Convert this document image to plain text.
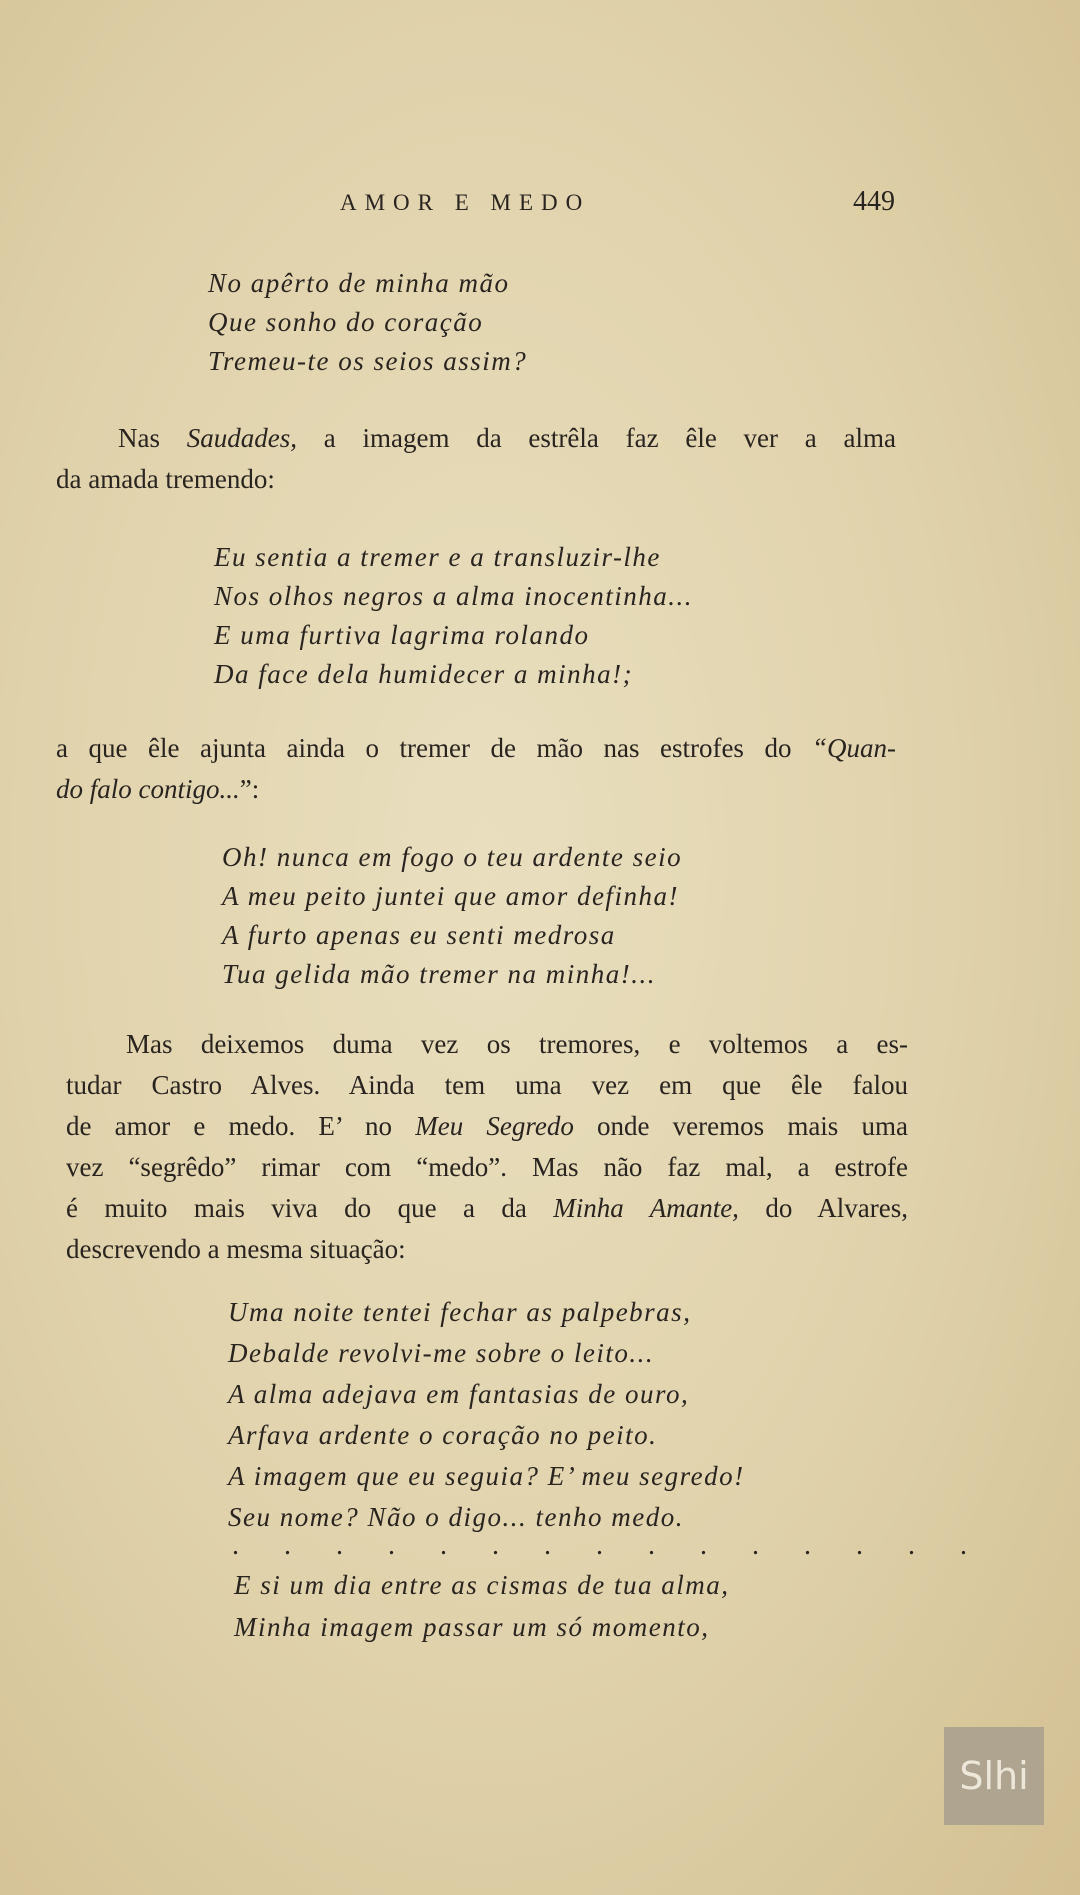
AMOR E MEDO	449
No apêrto de minha mão
Que sonho do coração
Tremeu-te os seios assim?
Nas Saudades, a imagem da estrêla faz êle ver a alma
da amada tremendo:
Eu sentia a tremer e a transluzir-lhe
Nos olhos negros a alma inocentinha...
E uma furtiva lagrima rolando
Da face dela humidecer a minha!;
a que êle ajunta ainda o tremer de mão nas estrofes do “Quan-
do falo contigo...”:
Oh! nunca em fogo o teu ardente seio
A meu peito juntei que amor definha!
A furto apenas eu senti medrosa
Tua gelida mão tremer na minha!...
Mas deixemos duma vez os tremores, e voltemos a es-
tudar Castro Alves. Ainda tem uma vez em que êle falou
de amor e medo. E’ no Meu Segredo onde veremos mais uma
vez “segrêdo” rimar com “medo”. Mas não faz mal, a estrofe
é muito mais viva do que a da Minha Amante, do Alvares,
descrevendo a mesma situação:
Uma noite tentei fechar as palpebras,
Debalde revolvi-me sobre o leito...
A alma adejava em fantasias de ouro,
Arfava ardente o coração no peito.
A imagem que eu seguia? E’ meu segredo!
Seu nome? Não o digo... tenho medo.
. . . . . . . . . . . . . . .
E si um dia entre as cismas de tua alma,
Minha imagem passar um só momento,
Slhi
